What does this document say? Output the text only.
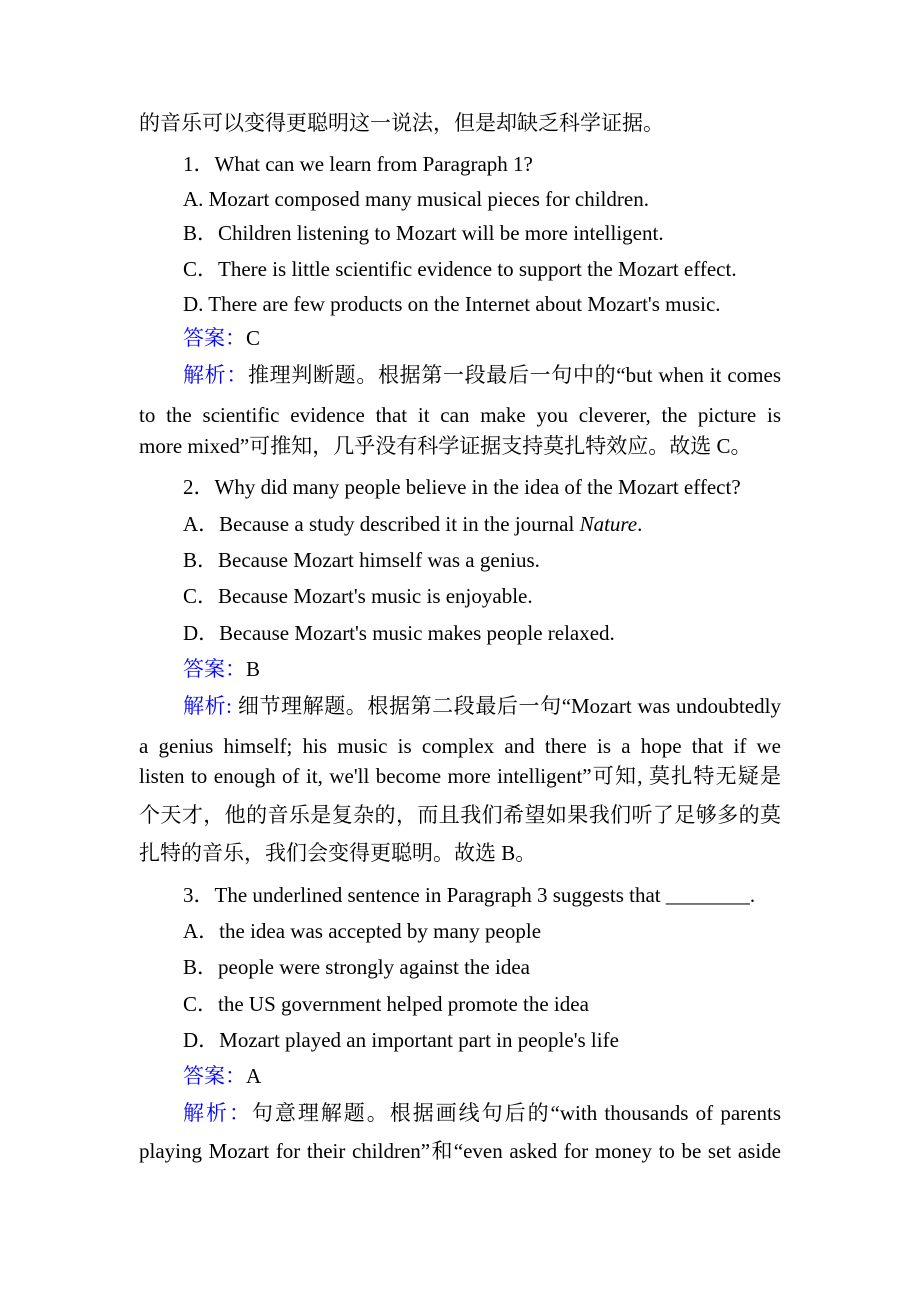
的音乐可以变得更聪明这一说法，但是却缺乏科学证据。
1．What can we learn from Paragraph 1?
A. Mozart composed many musical pieces for children.
B．Children listening to Mozart will be more intelligent.
C．There is little scientific evidence to support the Mozart effect.
D. There are few products on the Internet about Mozart's music.
答案：C
解析：推理判断题。根据第一段最后一句中的“but when it comes
to the scientific evidence that it can make you cleverer, the picture is
more mixed”可推知，几乎没有科学证据支持莫扎特效应。故选 C。
2．Why did many people believe in the idea of the Mozart effect?
A．Because a study described it in the journal Nature.
B．Because Mozart himself was a genius.
C．Because Mozart's music is enjoyable.
D．Because Mozart's music makes people relaxed.
答案：B
解析: 细节理解题。根据第二段最后一句“Mozart was undoubtedly
a genius himself; his music is complex and there is a hope that if we
listen to enough of it, we'll become more intelligent”可知, 莫扎特无疑是
个天才，他的音乐是复杂的，而且我们希望如果我们听了足够多的莫
扎特的音乐，我们会变得更聪明。故选 B。
3．The underlined sentence in Paragraph 3 suggests that ________.
A．the idea was accepted by many people
B．people were strongly against the idea
C．the US government helped promote the idea
D．Mozart played an important part in people's life
答案：A
解析：句意理解题。根据画线句后的“with thousands of parents
playing Mozart for their children”和“even asked for money to be set aside
